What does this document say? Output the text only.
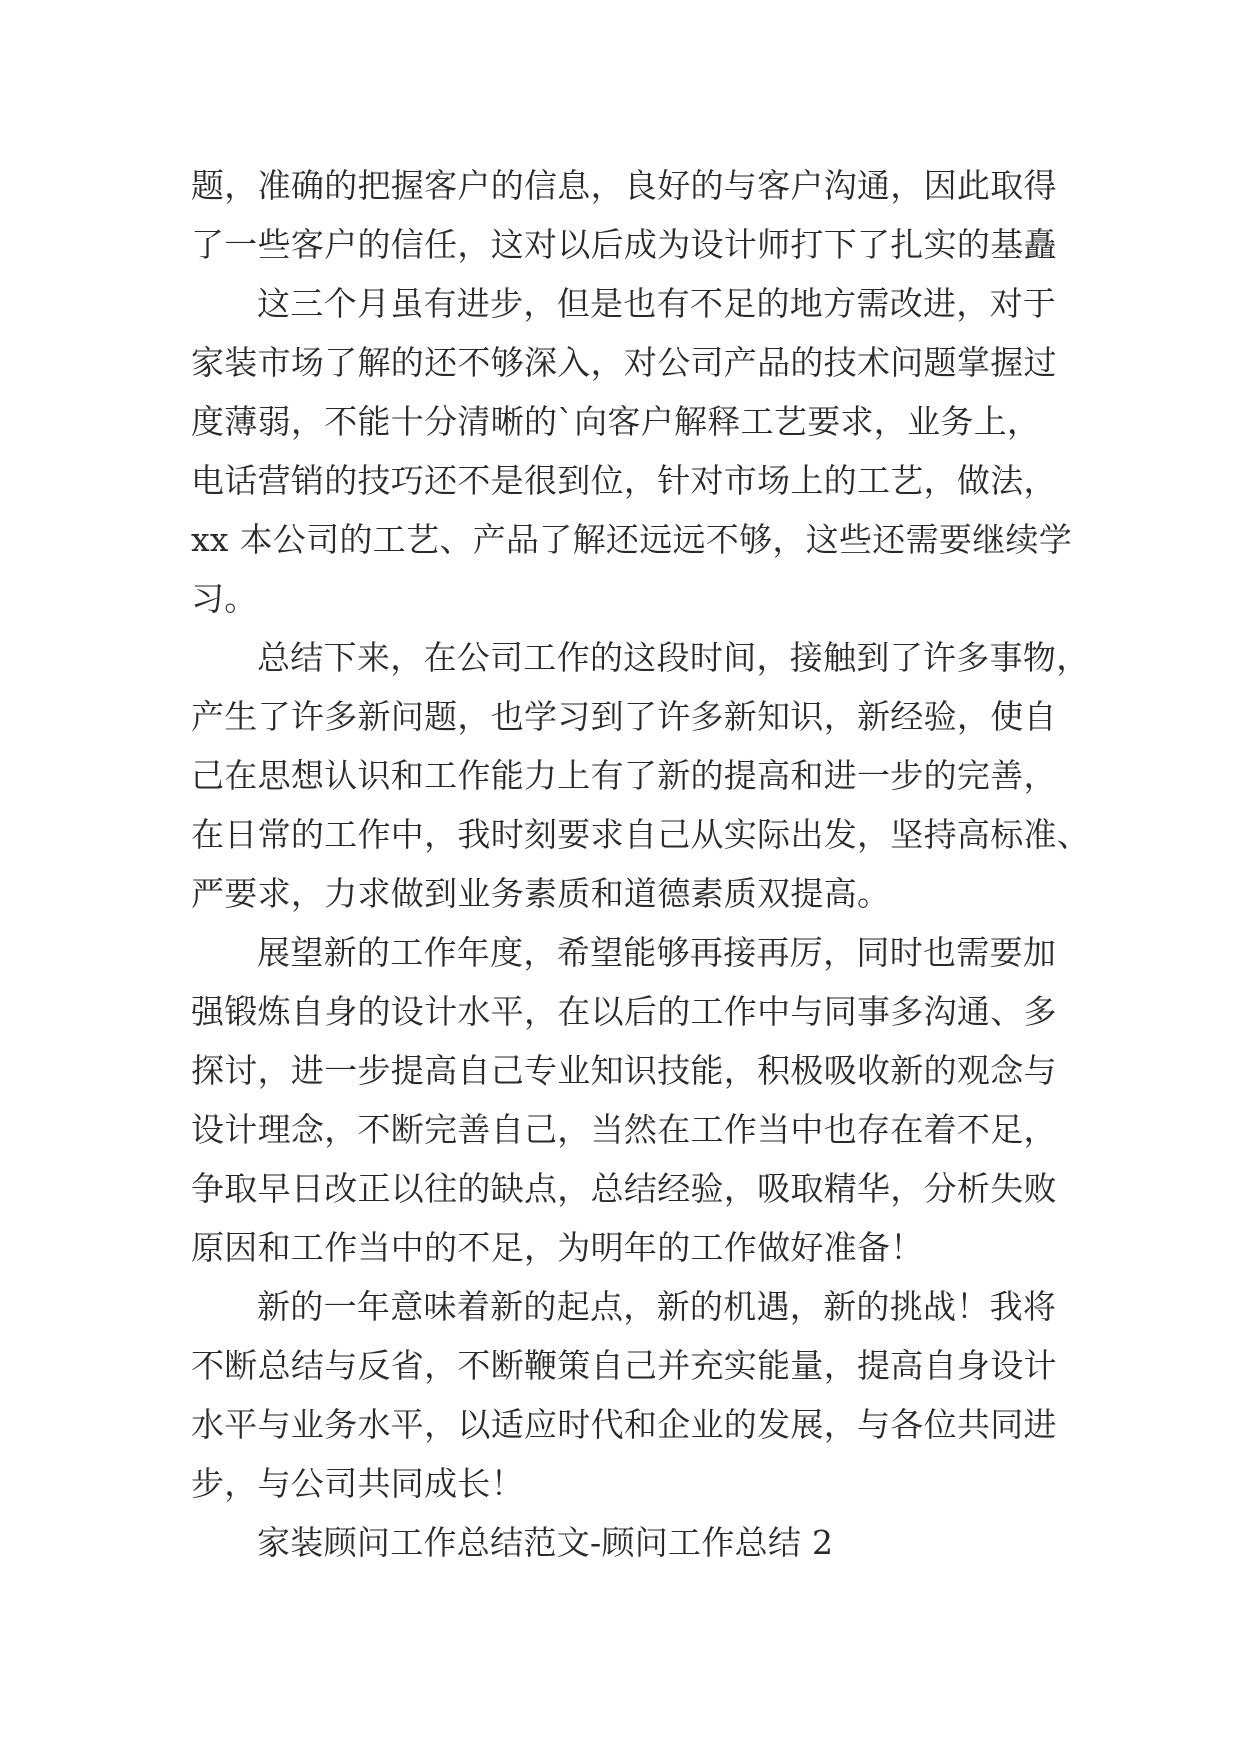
题，准确的把握客户的信息，良好的与客户沟通，因此取得
了一些客户的信任，这对以后成为设计师打下了扎实的基矗
这三个月虽有进步，但是也有不足的地方需改进，对于
家装市场了解的还不够深入，对公司产品的技术问题掌握过
度薄弱，不能十分清晰的`向客户解释工艺要求，业务上，
电话营销的技巧还不是很到位，针对市场上的工艺，做法，
xx 本公司的工艺、产品了解还远远不够，这些还需要继续学
习。
总结下来，在公司工作的这段时间，接触到了许多事物，
产生了许多新问题，也学习到了许多新知识，新经验，使自
己在思想认识和工作能力上有了新的提高和进一步的完善，
在日常的工作中，我时刻要求自己从实际出发，坚持高标准、
严要求，力求做到业务素质和道德素质双提高。
展望新的工作年度，希望能够再接再厉，同时也需要加
强锻炼自身的设计水平，在以后的工作中与同事多沟通、多
探讨，进一步提高自己专业知识技能，积极吸收新的观念与
设计理念，不断完善自己，当然在工作当中也存在着不足，
争取早日改正以往的缺点，总结经验，吸取精华，分析失败
原因和工作当中的不足，为明年的工作做好准备！
新的一年意味着新的起点，新的机遇，新的挑战！我将
不断总结与反省，不断鞭策自己并充实能量，提高自身设计
水平与业务水平，以适应时代和企业的发展，与各位共同进
步，与公司共同成长！
家装顾问工作总结范文-顾问工作总结 2
